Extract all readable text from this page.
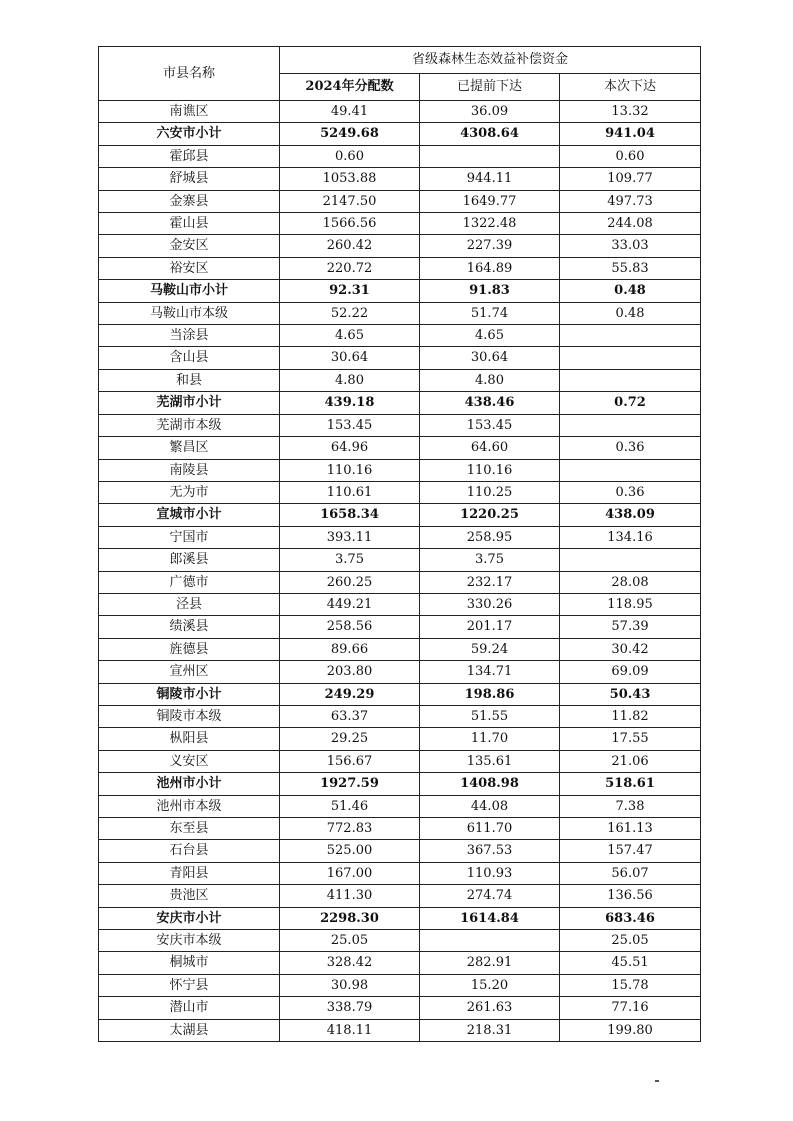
市县名称	省级森林生态效益补偿资金		
	2024年分配数	已提前下达	本次下达
南谯区	49.41	36.09	13.32
六安市小计	5249.68	4308.64	941.04
霍邱县	0.60		0.60
舒城县	1053.88	944.11	109.77
金寨县	2147.50	1649.77	497.73
霍山县	1566.56	1322.48	244.08
金安区	260.42	227.39	33.03
裕安区	220.72	164.89	55.83
马鞍山市小计	92.31	91.83	0.48
马鞍山市本级	52.22	51.74	0.48
当涂县	4.65	4.65	
含山县	30.64	30.64	
和县	4.80	4.80	
芜湖市小计	439.18	438.46	0.72
芜湖市本级	153.45	153.45	
繁昌区	64.96	64.60	0.36
南陵县	110.16	110.16	
无为市	110.61	110.25	0.36
宣城市小计	1658.34	1220.25	438.09
宁国市	393.11	258.95	134.16
郎溪县	3.75	3.75	
广德市	260.25	232.17	28.08
泾县	449.21	330.26	118.95
绩溪县	258.56	201.17	57.39
旌德县	89.66	59.24	30.42
宣州区	203.80	134.71	69.09
铜陵市小计	249.29	198.86	50.43
铜陵市本级	63.37	51.55	11.82
枞阳县	29.25	11.70	17.55
义安区	156.67	135.61	21.06
池州市小计	1927.59	1408.98	518.61
池州市本级	51.46	44.08	7.38
东至县	772.83	611.70	161.13
石台县	525.00	367.53	157.47
青阳县	167.00	110.93	56.07
贵池区	411.30	274.74	136.56
安庆市小计	2298.30	1614.84	683.46
安庆市本级	25.05		25.05
桐城市	328.42	282.91	45.51
怀宁县	30.98	15.20	15.78
潜山市	338.79	261.63	77.16
太湖县	418.11	218.31	199.80
